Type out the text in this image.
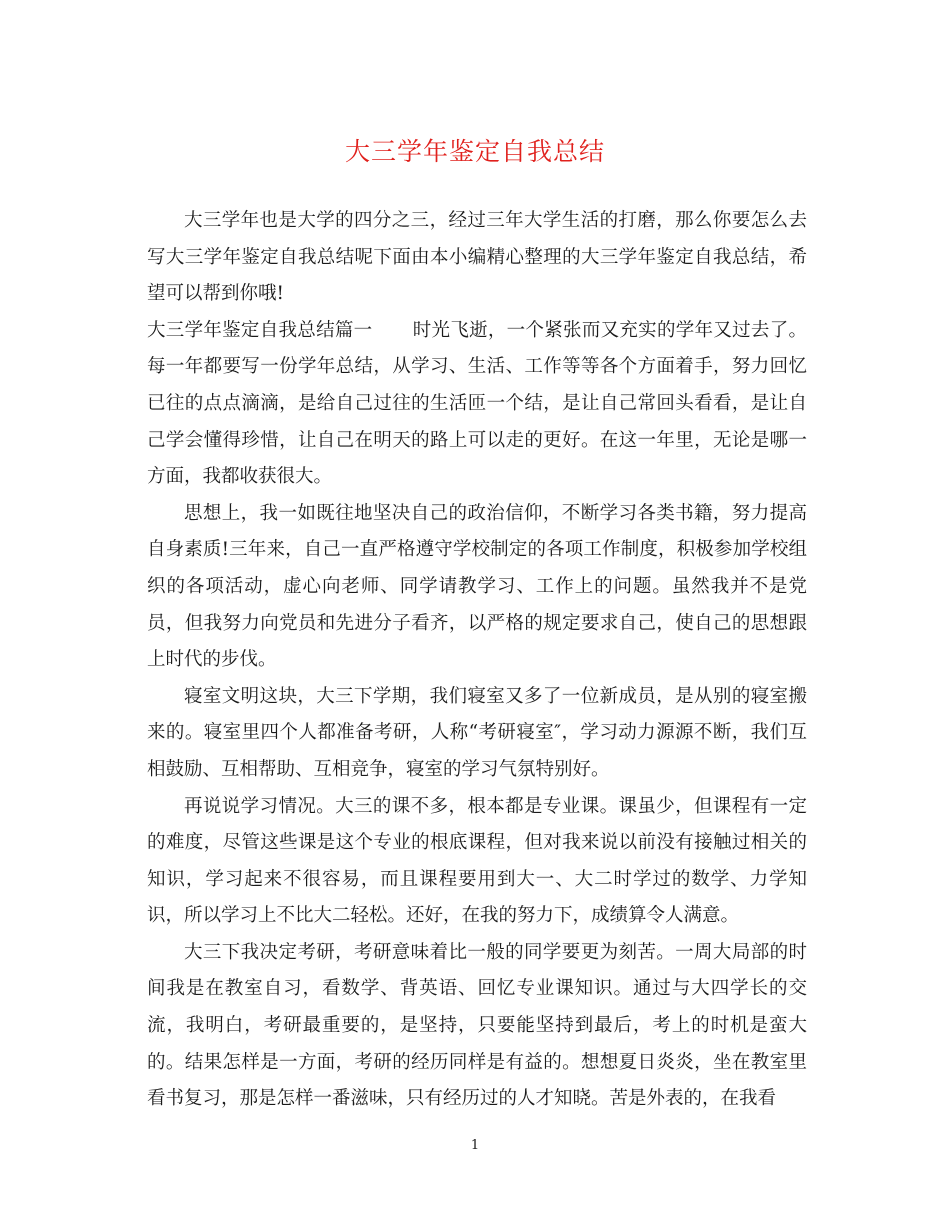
大三学年鉴定自我总结

大三学年也是大学的四分之三，经过三年大学生活的打磨，那么你要怎么去写大三学年鉴定自我总结呢下面由本小编精心整理的大三学年鉴定自我总结，希望可以帮到你哦!

大三学年鉴定自我总结篇一 时光飞逝，一个紧张而又充实的学年又过去了。每一年都要写一份学年总结，从学习、生活、工作等等各个方面着手，努力回忆已往的点点滴滴，是给自己过往的生活匝一个结，是让自己常回头看看，是让自己学会懂得珍惜，让自己在明天的路上可以走的更好。在这一年里，无论是哪一方面，我都收获很大。

思想上，我一如既往地坚决自己的政治信仰，不断学习各类书籍，努力提高自身素质!三年来，自己一直严格遵守学校制定的各项工作制度，积极参加学校组织的各项活动，虚心向老师、同学请教学习、工作上的问题。虽然我并不是党员，但我努力向党员和先进分子看齐，以严格的规定要求自己，使自己的思想跟上时代的步伐。

寝室文明这块，大三下学期，我们寝室又多了一位新成员，是从别的寝室搬来的。寝室里四个人都准备考研，人称“考研寝室″，学习动力源源不断，我们互相鼓励、互相帮助、互相竞争，寝室的学习气氛特别好。

再说说学习情况。大三的课不多，根本都是专业课。课虽少，但课程有一定的难度，尽管这些课是这个专业的根底课程，但对我来说以前没有接触过相关的知识，学习起来不很容易，而且课程要用到大一、大二时学过的数学、力学知识，所以学习上不比大二轻松。还好，在我的努力下，成绩算令人满意。

大三下我决定考研，考研意味着比一般的同学要更为刻苦。一周大局部的时间我是在教室自习，看数学、背英语、回忆专业课知识。通过与大四学长的交流，我明白，考研最重要的，是坚持，只要能坚持到最后，考上的时机是蛮大的。结果怎样是一方面，考研的经历同样是有益的。想想夏日炎炎，坐在教室里看书复习，那是怎样一番滋味，只有经历过的人才知晓。苦是外表的，在我看

1
